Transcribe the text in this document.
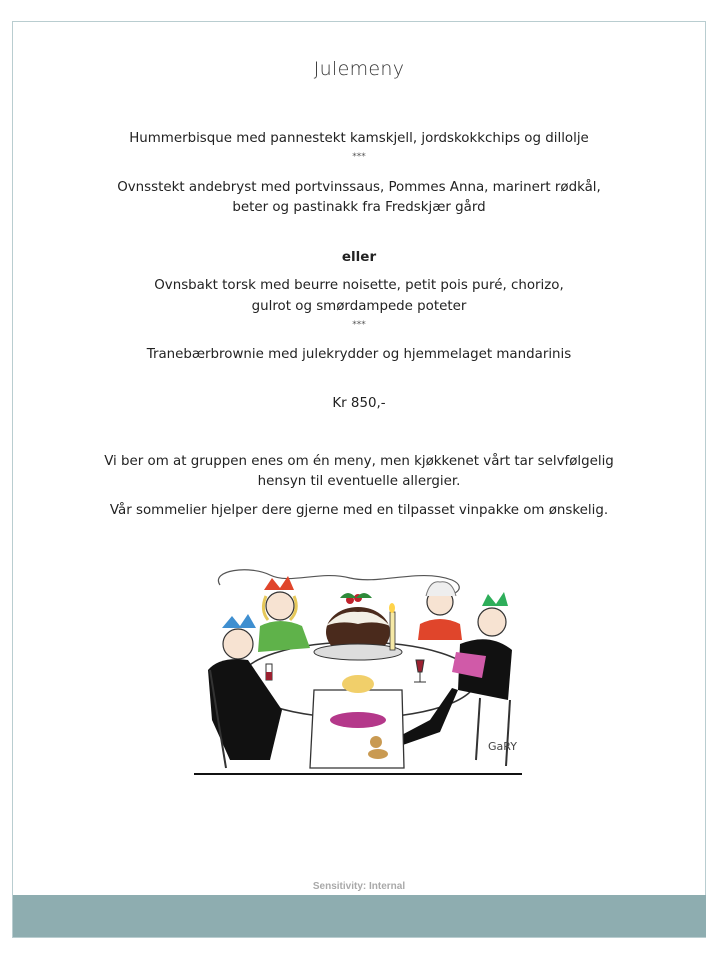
Julemeny
Hummerbisque med pannestekt kamskjell, jordskokkchips og dillolje
***
Ovnsstekt andebryst med portvinssaus, Pommes Anna, marinert rødkål,
beter og pastinakk fra Fredskjær gård
eller
Ovnsbakt torsk med beurre noisette, petit pois puré, chorizo,
gulrot og smørdampede poteter
***
Tranebærbrownie med julekrydder og hjemmelaget mandarinis
Kr 850,-
Vi ber om at gruppen enes om én meny, men kjøkkenet vårt tar selvfølgelig
hensyn til eventuelle allergier.
Vår sommelier hjelper dere gjerne med en tilpasset vinpakke om ønskelig.
GaRY
Sensitivity: Internal
